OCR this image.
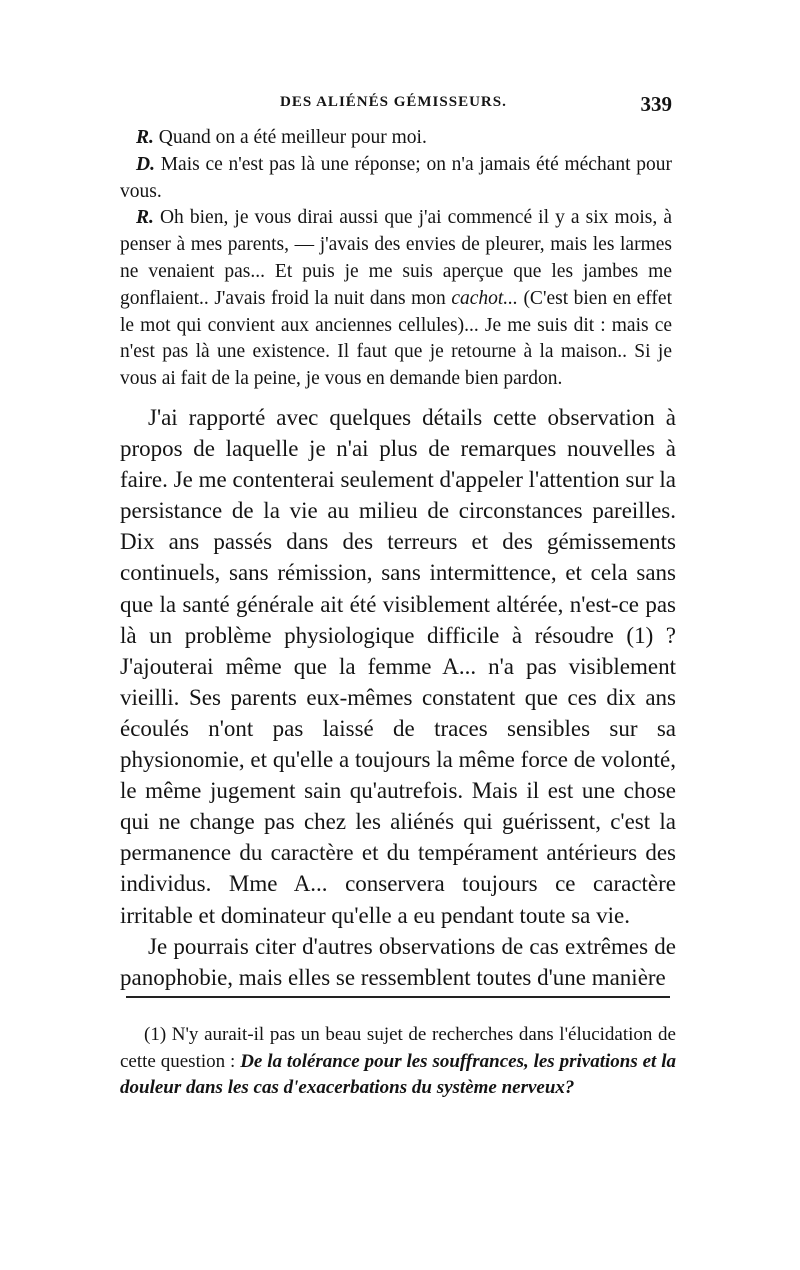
DES ALIÉNÉS GÉMISSEURS.	339

R. Quand on a été meilleur pour moi.

D. Mais ce n'est pas là une réponse; on n'a jamais été méchant pour vous.

R. Oh bien, je vous dirai aussi que j'ai commencé il y a six mois, à penser à mes parents, — j'avais des envies de pleurer, mais les larmes ne venaient pas... Et puis je me suis aperçue que les jambes me gonflaient.. J'avais froid la nuit dans mon cachot... (C'est bien en effet le mot qui convient aux anciennes cellules)... Je me suis dit : mais ce n'est pas là une existence. Il faut que je retourne à la maison.. Si je vous ai fait de la peine, je vous en demande bien pardon.

J'ai rapporté avec quelques détails cette observation à propos de laquelle je n'ai plus de remarques nouvelles à faire. Je me contenterai seulement d'appeler l'attention sur la persistance de la vie au milieu de circonstances pareilles. Dix ans passés dans des terreurs et des gémissements continuels, sans rémission, sans intermittence, et cela sans que la santé générale ait été visiblement altérée, n'est-ce pas là un problème physiologique difficile à résoudre (1) ? J'ajouterai même que la femme A... n'a pas visiblement vieilli. Ses parents eux-mêmes constatent que ces dix ans écoulés n'ont pas laissé de traces sensibles sur sa physionomie, et qu'elle a toujours la même force de volonté, le même jugement sain qu'autrefois. Mais il est une chose qui ne change pas chez les aliénés qui guérissent, c'est la permanence du caractère et du tempérament antérieurs des individus. Mme A... conservera toujours ce caractère irritable et dominateur qu'elle a eu pendant toute sa vie.

Je pourrais citer d'autres observations de cas extrêmes de panophobie, mais elles se ressemblent toutes d'une manière

(1) N'y aurait-il pas un beau sujet de recherches dans l'élucidation de cette question : De la tolérance pour les souffrances, les privations et la douleur dans les cas d'exacerbations du système nerveux?
